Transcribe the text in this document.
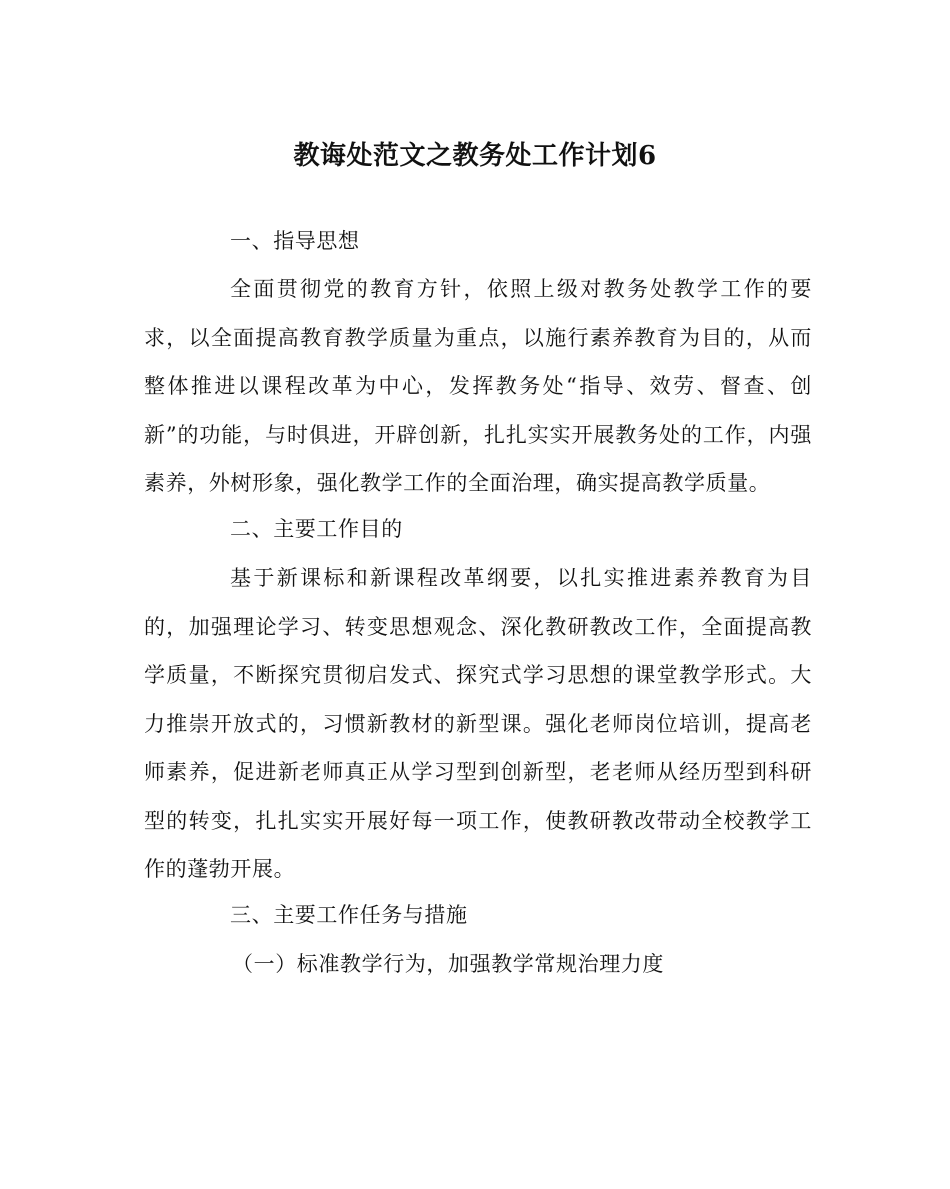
教诲处范文之教务处工作计划6
一、指导思想
全面贯彻党的教育方针，依照上级对教务处教学工作的要求，以全面提高教育教学质量为重点，以施行素养教育为目的，从而整体推进以课程改革为中心，发挥教务处“指导、效劳、督查、创新”的功能，与时俱进，开辟创新，扎扎实实开展教务处的工作，内强素养，外树形象，强化教学工作的全面治理，确实提高教学质量。
二、主要工作目的
基于新课标和新课程改革纲要，以扎实推进素养教育为目的，加强理论学习、转变思想观念、深化教研教改工作，全面提高教学质量，不断探究贯彻启发式、探究式学习思想的课堂教学形式。大力推崇开放式的，习惯新教材的新型课。强化老师岗位培训，提高老师素养，促进新老师真正从学习型到创新型，老老师从经历型到科研型的转变，扎扎实实开展好每一项工作，使教研教改带动全校教学工作的蓬勃开展。
三、主要工作任务与措施
（一）标准教学行为，加强教学常规治理力度
